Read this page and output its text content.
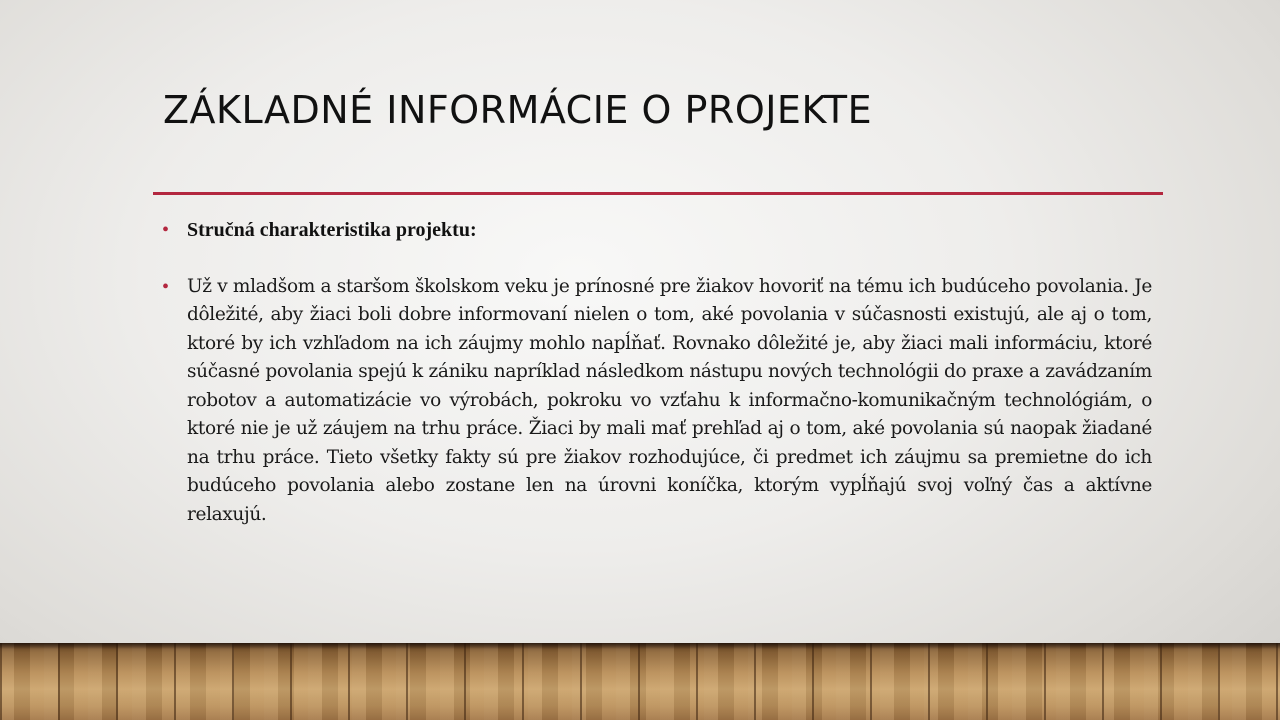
ZÁKLADNÉ INFORMÁCIE O PROJEKTE
• Stručná charakteristika projektu:
• Už v mladšom a staršom školskom veku je prínosné pre žiakov hovoriť na tému ich budúceho povolania. Je dôležité, aby žiaci boli dobre informovaní nielen o tom, aké povolania v súčasnosti existujú, ale aj o tom, ktoré by ich vzhľadom na ich záujmy mohlo napĺňať. Rovnako dôležité je, aby žiaci mali informáciu, ktoré súčasné povolania spejú k zániku napríklad následkom nástupu nových technológii do praxe a zavádzaním robotov a automatizácie vo výrobách, pokroku vo vzťahu k informačno-komunikačným technológiám, o ktoré nie je už záujem na trhu práce. Žiaci by mali mať prehľad aj o tom, aké povolania sú naopak žiadané na trhu práce. Tieto všetky fakty sú pre žiakov rozhodujúce, či predmet ich záujmu sa premietne do ich budúceho povolania alebo zostane len na úrovni koníčka, ktorým vypĺňajú svoj voľný čas a aktívne relaxujú.
